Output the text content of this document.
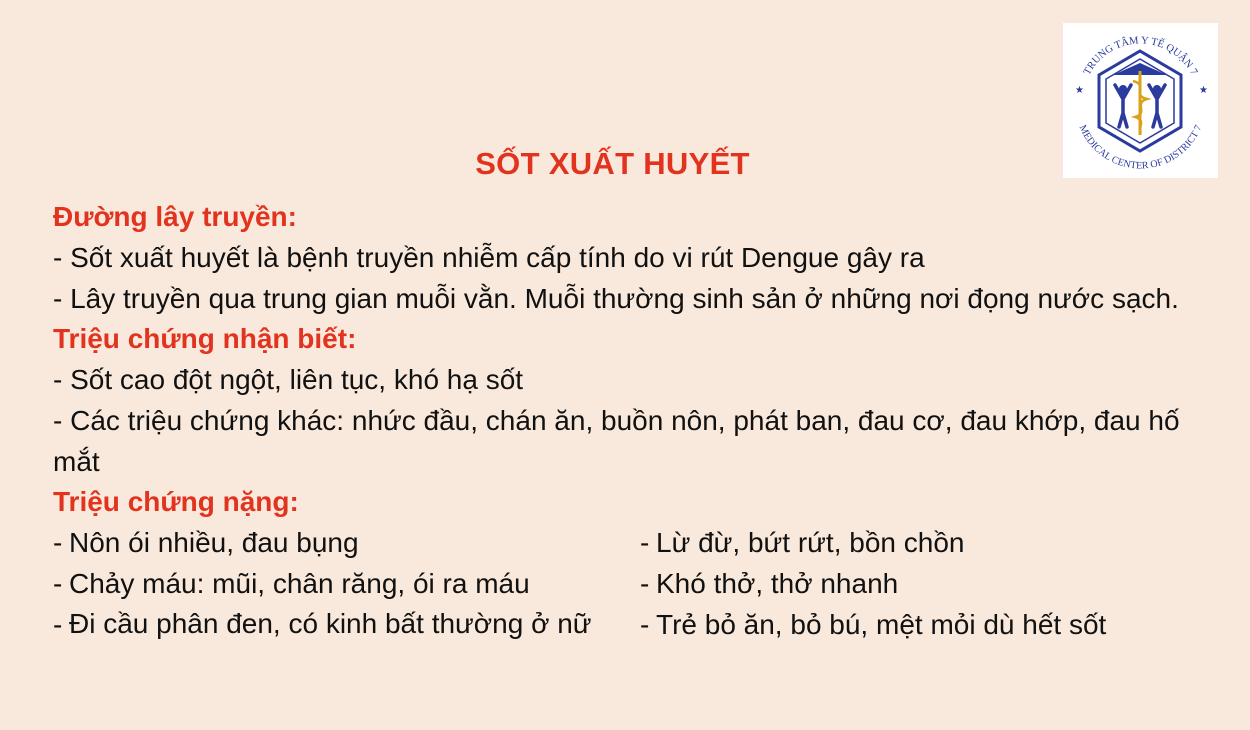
TRUNG TÂM Y TẾ QUẬN 7
MEDICAL CENTER OF DISTRICT 7
★	★
SỐT XUẤT HUYẾT
Đường lây truyền:

- Sốt xuất huyết là bệnh truyền nhiễm cấp tính do vi rút Dengue gây ra

- Lây truyền qua trung gian muỗi vằn. Muỗi thường sinh sản ở những nơi đọng nước sạch.

Triệu chứng nhận biết:

- Sốt cao đột ngột, liên tục, khó hạ sốt

- Các triệu chứng khác: nhức đầu, chán ăn, buồn nôn, phát ban, đau cơ, đau khớp, đau hố mắt

Triệu chứng nặng:
- Nôn ói nhiều, đau bụng
- Chảy máu: mũi, chân răng, ói ra máu
- Đi cầu phân đen, có kinh bất thường ở nữ
- Lừ đừ, bứt rứt, bồn chồn
- Khó thở, thở nhanh
- Trẻ bỏ ăn, bỏ bú, mệt mỏi dù hết sốt
